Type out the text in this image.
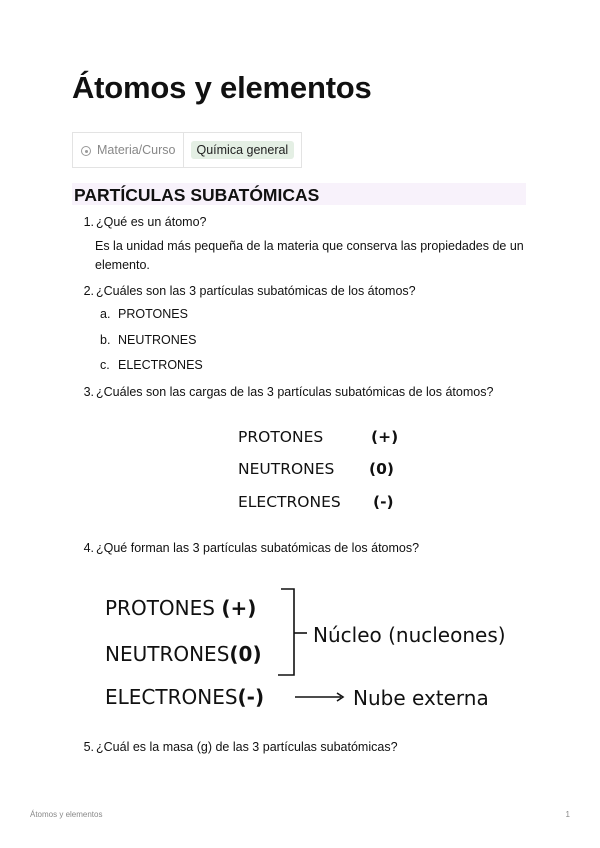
Átomos y elementos
Materia/Curso	Química general
PARTÍCULAS SUBATÓMICAS
1. ¿Qué es un átomo?
Es la unidad más pequeña de la materia que conserva las propiedades de un elemento.
2. ¿Cuáles son las 3 partículas subatómicas de los átomos?
a. PROTONES
b. NEUTRONES
c. ELECTRONES
3. ¿Cuáles son las cargas de las 3 partículas subatómicas de los átomos?
PROTONES	(+)
NEUTRONES (0)
ELECTRONES (-)
4. ¿Qué forman las 3 partículas subatómicas de los átomos?
PROTONES (+)
NEUTRONES(0)
ELECTRONES(-)
Núcleo (nucleones)
Nube externa
5. ¿Cuál es la masa (g) de las 3 partículas subatómicas?
Átomos y elementos	1
